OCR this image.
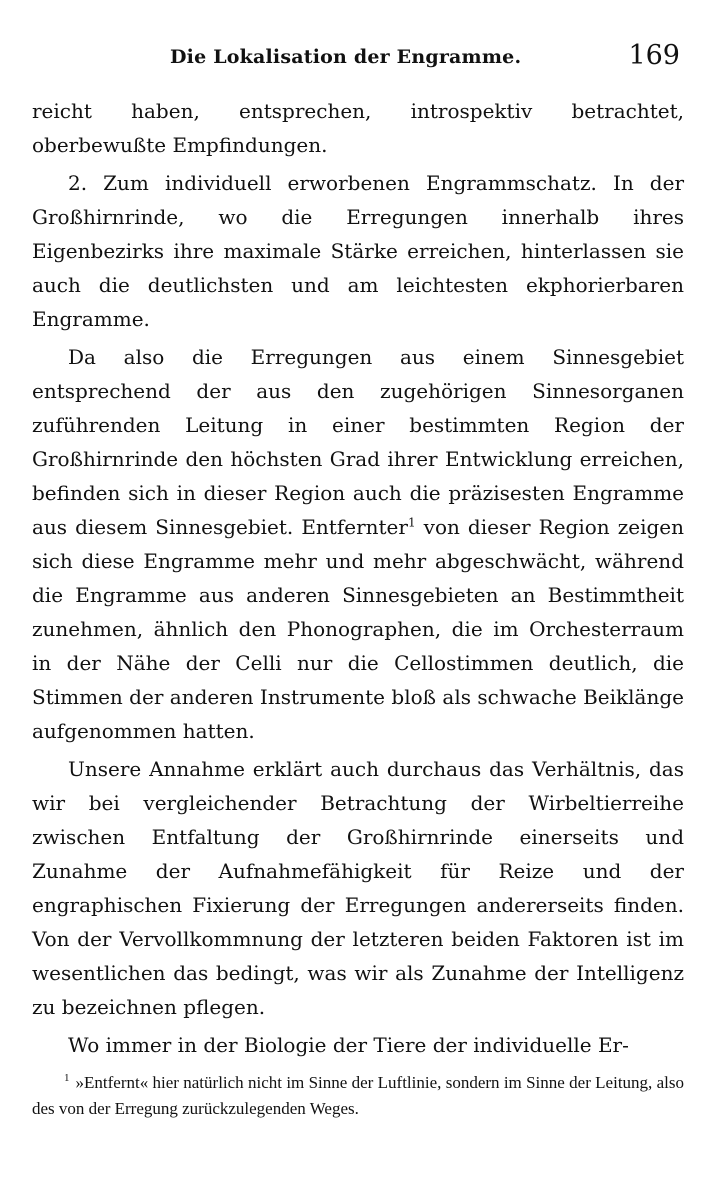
Die Lokalisation der Engramme.	169

reicht haben, entsprechen, introspektiv betrachtet, oberbewußte Empfindungen.

2. Zum individuell erworbenen Engrammschatz. In der Großhirnrinde, wo die Erregungen innerhalb ihres Eigenbezirks ihre maximale Stärke erreichen, hinterlassen sie auch die deutlichsten und am leichtesten ekphorierbaren Engramme.

Da also die Erregungen aus einem Sinnesgebiet entsprechend der aus den zugehörigen Sinnesorganen zuführenden Leitung in einer bestimmten Region der Großhirnrinde den höchsten Grad ihrer Entwicklung erreichen, befinden sich in dieser Region auch die präzisesten Engramme aus diesem Sinnesgebiet. Entfernter$^1$ von dieser Region zeigen sich diese Engramme mehr und mehr abgeschwächt, während die Engramme aus anderen Sinnesgebieten an Bestimmtheit zunehmen, ähnlich den Phonographen, die im Orchesterraum in der Nähe der Celli nur die Cellostimmen deutlich, die Stimmen der anderen Instrumente bloß als schwache Beiklänge aufgenommen hatten.

Unsere Annahme erklärt auch durchaus das Verhältnis, das wir bei vergleichender Betrachtung der Wirbeltierreihe zwischen Entfaltung der Großhirnrinde einerseits und Zunahme der Aufnahmefähigkeit für Reize und der engraphischen Fixierung der Erregungen andererseits finden. Von der Vervollkommnung der letzteren beiden Faktoren ist im wesentlichen das bedingt, was wir als Zunahme der Intelligenz zu bezeichnen pflegen.

Wo immer in der Biologie der Tiere der individuelle Er-

$^1$ »Entfernt« hier natürlich nicht im Sinne der Luftlinie, sondern im Sinne der Leitung, also des von der Erregung zurückzulegenden Weges.
